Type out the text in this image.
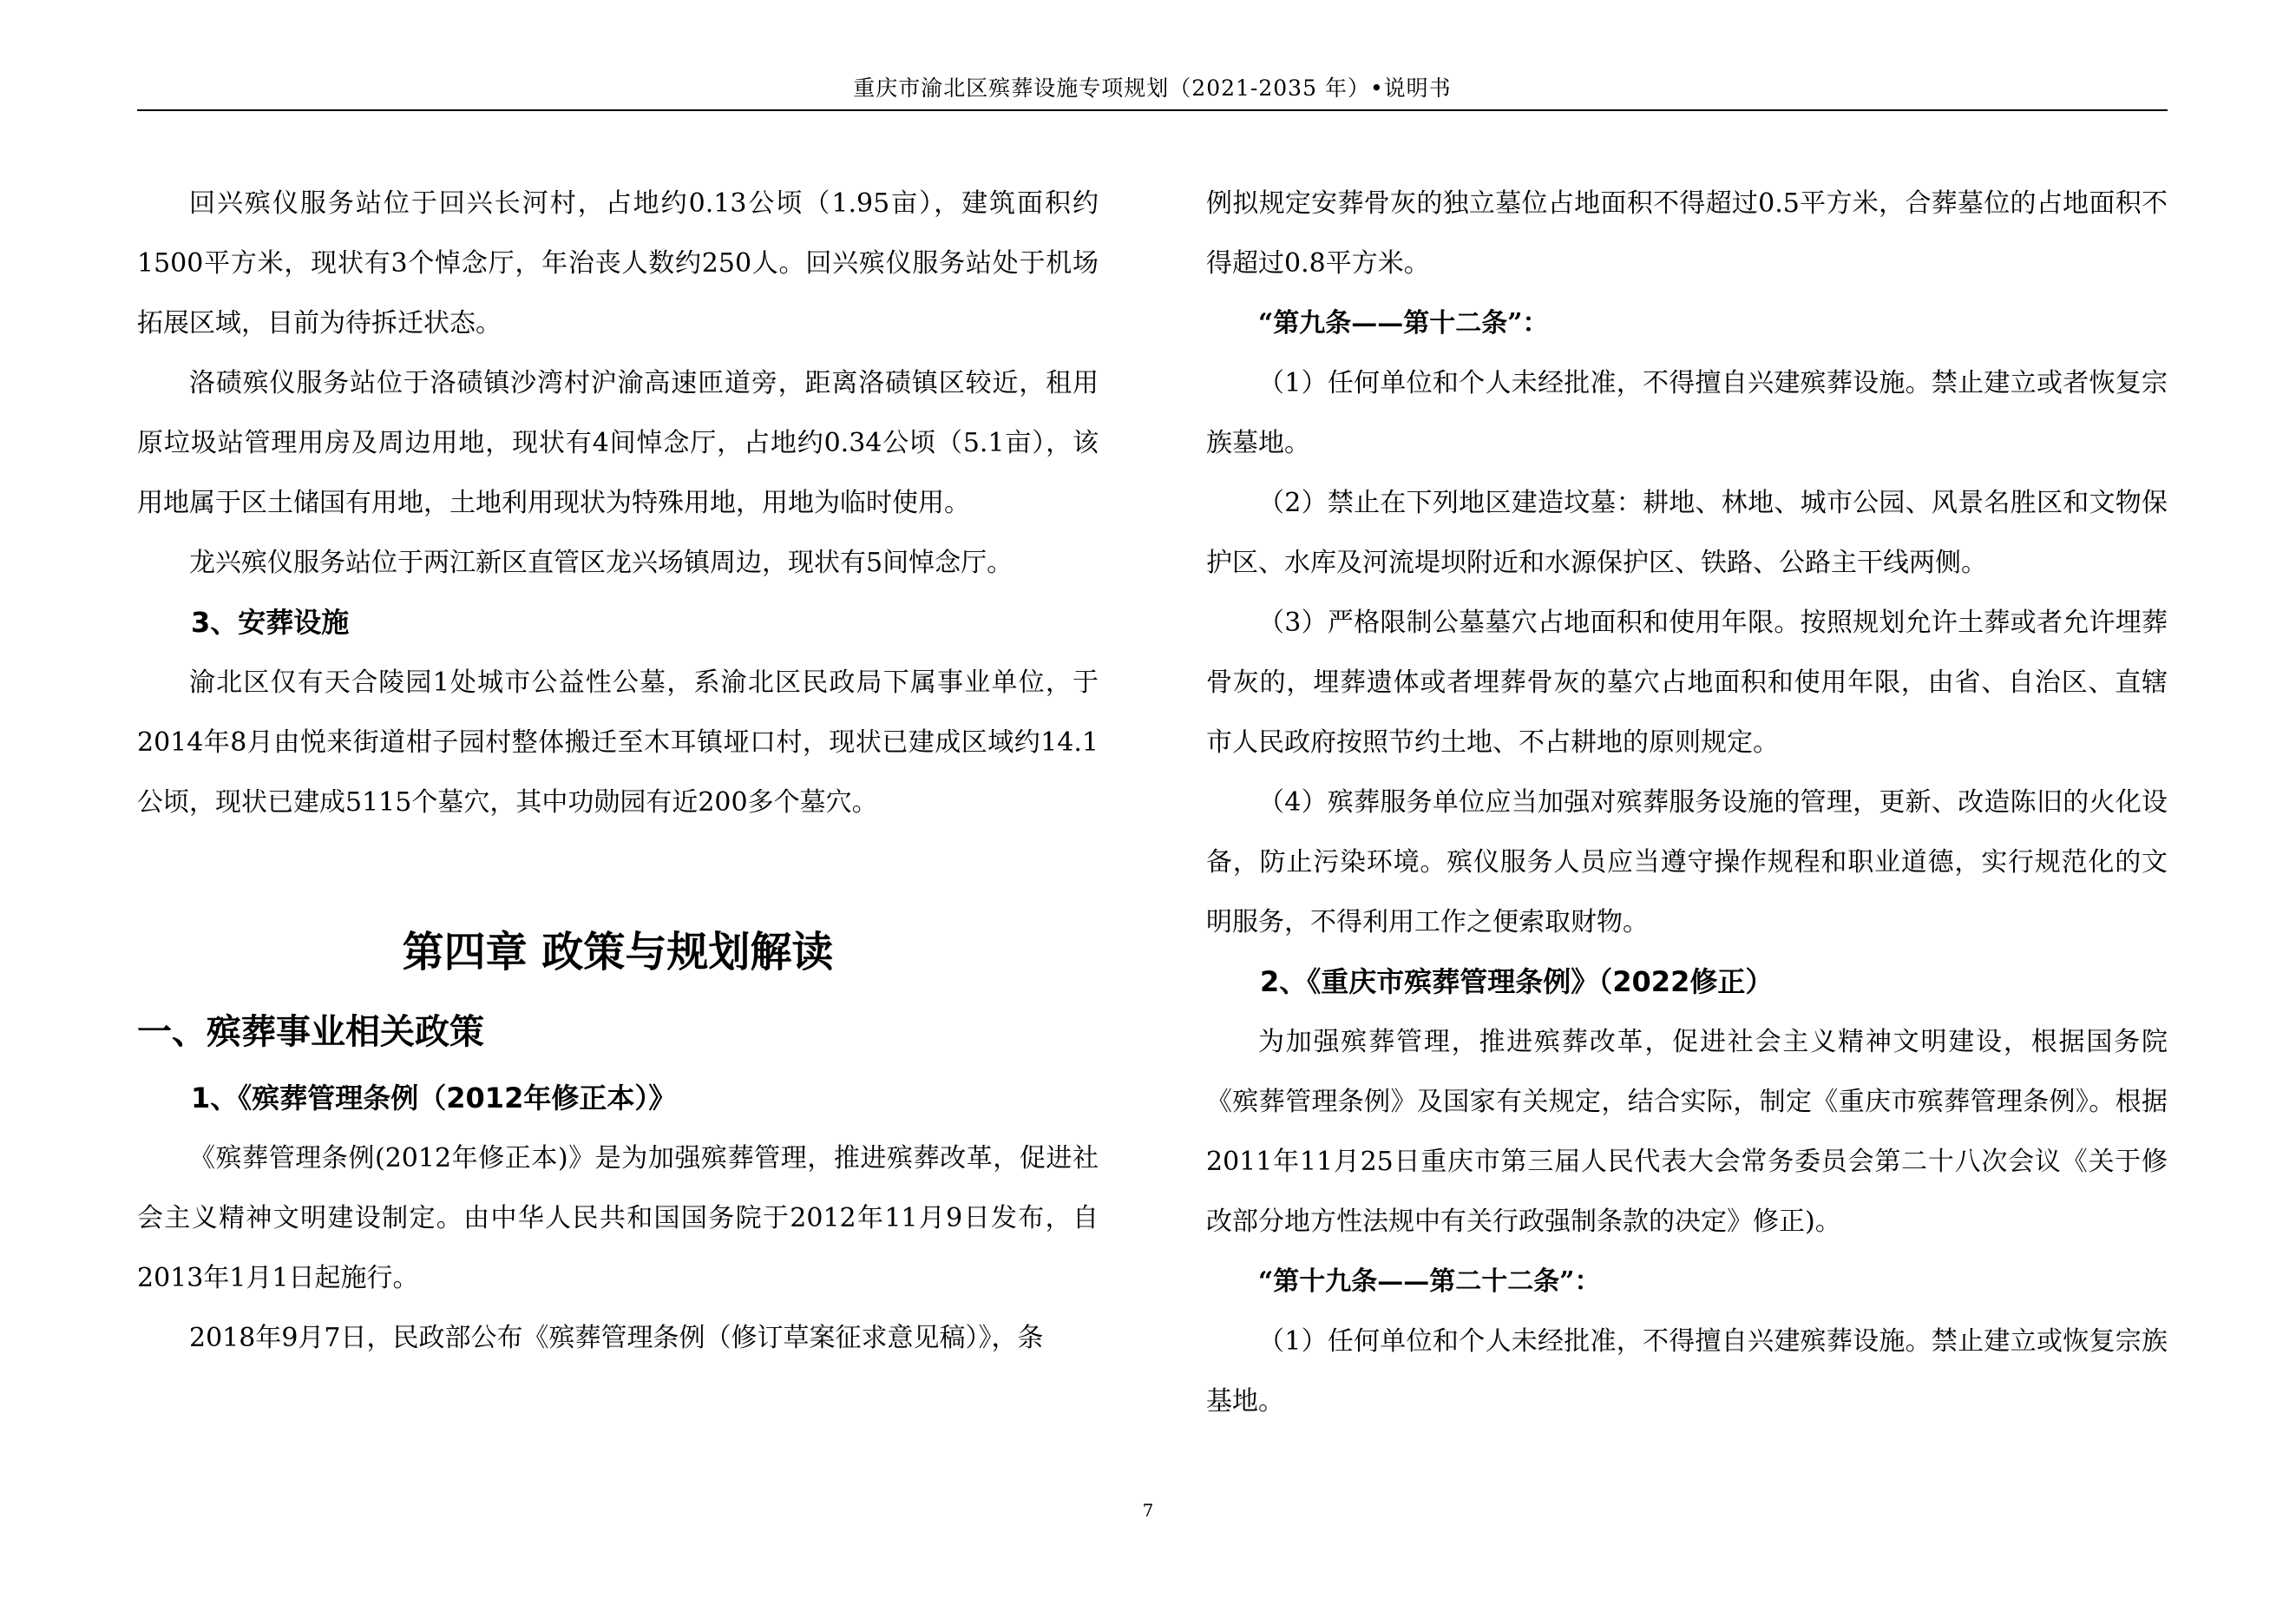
重庆市渝北区殡葬设施专项规划（2021-2035 年）•说明书

回兴殡仪服务站位于回兴长河村，占地约0.13公顷（1.95亩），建筑面积约1500平方米，现状有3个悼念厅，年治丧人数约250人。回兴殡仪服务站处于机场拓展区域，目前为待拆迁状态。

洛碛殡仪服务站位于洛碛镇沙湾村沪渝高速匝道旁，距离洛碛镇区较近，租用原垃圾站管理用房及周边用地，现状有4间悼念厅，占地约0.34公顷（5.1亩），该用地属于区土储国有用地，土地利用现状为特殊用地，用地为临时使用。

龙兴殡仪服务站位于两江新区直管区龙兴场镇周边，现状有5间悼念厅。

3、安葬设施

渝北区仅有天合陵园1处城市公益性公墓，系渝北区民政局下属事业单位，于2014年8月由悦来街道柑子园村整体搬迁至木耳镇垭口村，现状已建成区域约14.1公顷，现状已建成5115个墓穴，其中功勋园有近200多个墓穴。

第四章 政策与规划解读
一、殡葬事业相关政策
1、《殡葬管理条例（2012年修正本）》

《殡葬管理条例(2012年修正本)》是为加强殡葬管理，推进殡葬改革，促进社会主义精神文明建设制定。由中华人民共和国国务院于2012年11月9日发布，自2013年1月1日起施行。

2018年9月7日，民政部公布《殡葬管理条例（修订草案征求意见稿）》，条

例拟规定安葬骨灰的独立墓位占地面积不得超过0.5平方米，合葬墓位的占地面积不得超过0.8平方米。

“第九条——第十二条”：

（1）任何单位和个人未经批准，不得擅自兴建殡葬设施。禁止建立或者恢复宗族墓地。

（2）禁止在下列地区建造坟墓：耕地、林地、城市公园、风景名胜区和文物保护区、水库及河流堤坝附近和水源保护区、铁路、公路主干线两侧。

（3）严格限制公墓墓穴占地面积和使用年限。按照规划允许土葬或者允许埋葬骨灰的，埋葬遗体或者埋葬骨灰的墓穴占地面积和使用年限，由省、自治区、直辖市人民政府按照节约土地、不占耕地的原则规定。

（4）殡葬服务单位应当加强对殡葬服务设施的管理，更新、改造陈旧的火化设备，防止污染环境。殡仪服务人员应当遵守操作规程和职业道德，实行规范化的文明服务，不得利用工作之便索取财物。

2、《重庆市殡葬管理条例》（2022修正）

为加强殡葬管理，推进殡葬改革，促进社会主义精神文明建设，根据国务院《殡葬管理条例》及国家有关规定，结合实际，制定《重庆市殡葬管理条例》。根据2011年11月25日重庆市第三届人民代表大会常务委员会第二十八次会议《关于修改部分地方性法规中有关行政强制条款的决定》修正)。

“第十九条——第二十二条”：

（1）任何单位和个人未经批准，不得擅自兴建殡葬设施。禁止建立或恢复宗族基地。

7
